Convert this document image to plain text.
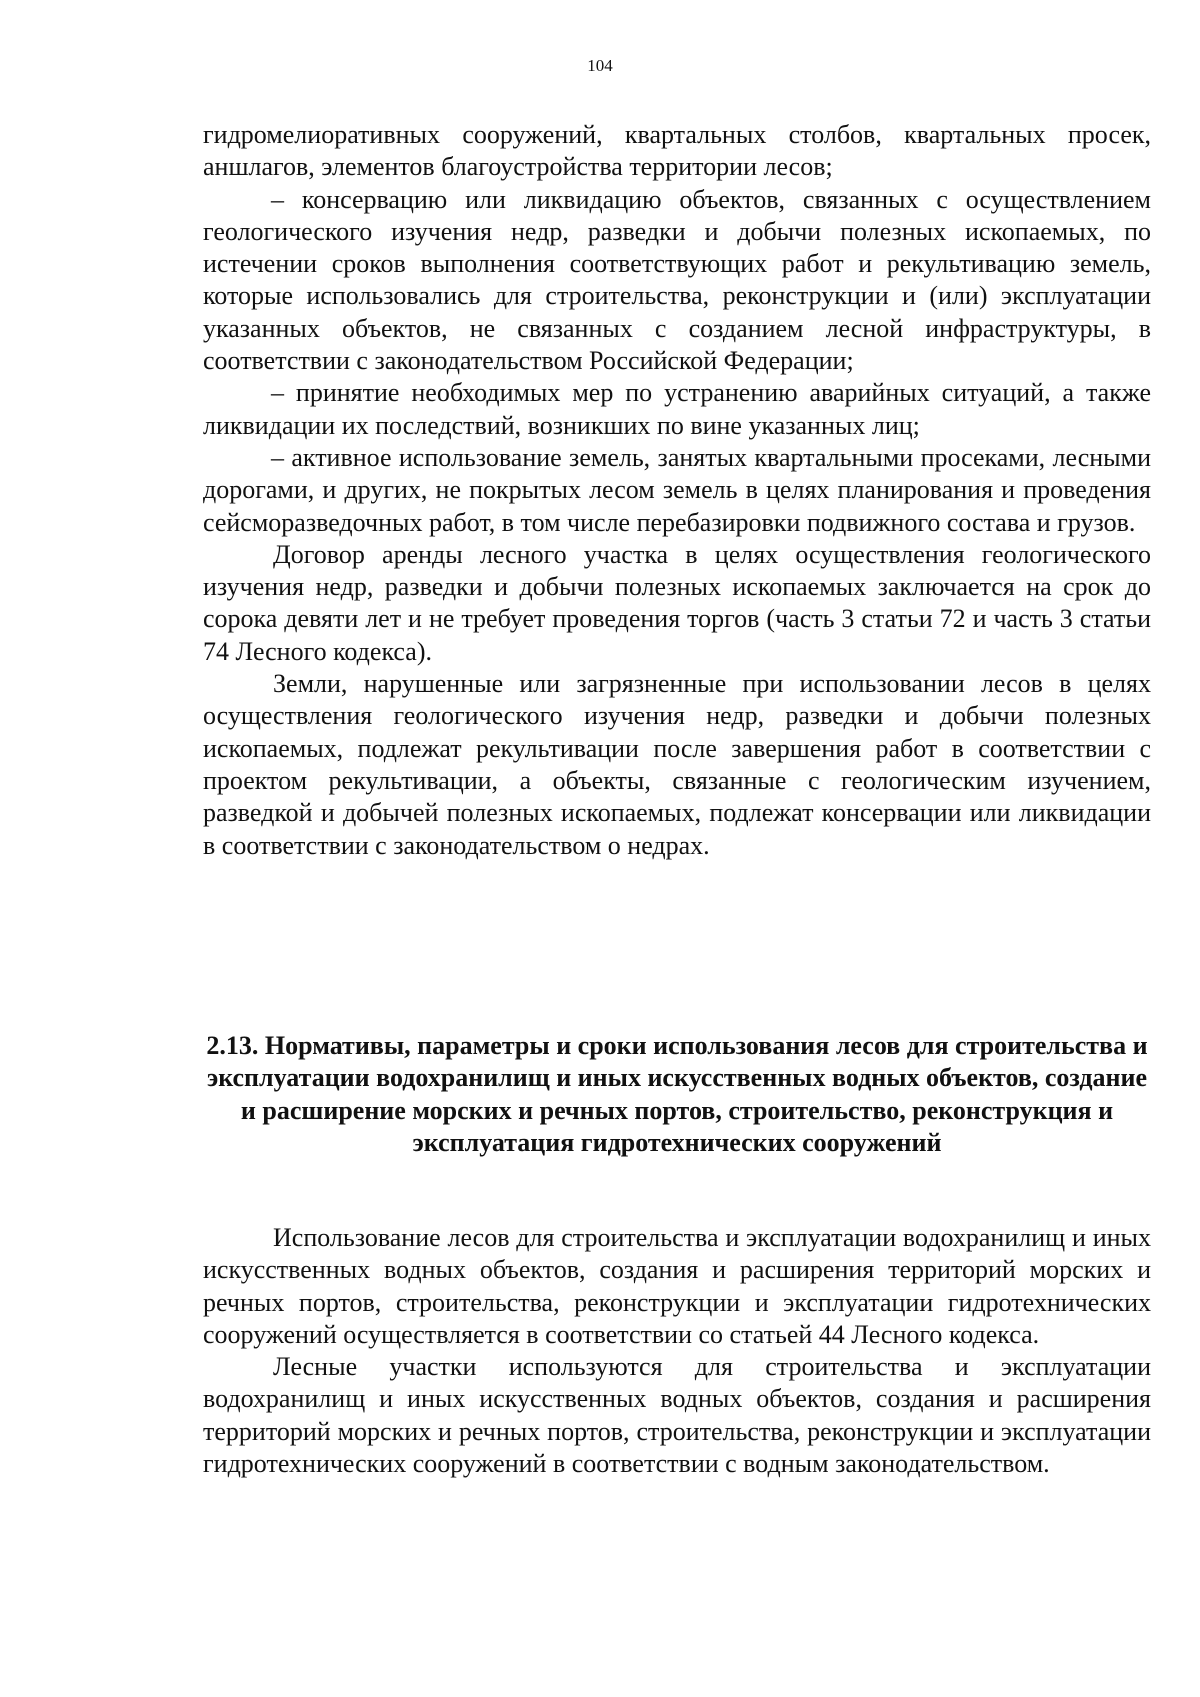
104

гидромелиоративных сооружений, квартальных столбов, квартальных просек, аншлагов, элементов благоустройства территории лесов;

– консервацию или ликвидацию объектов, связанных с осуществлением геологического изучения недр, разведки и добычи полезных ископаемых, по истечении сроков выполнения соответствующих работ и рекультивацию земель, которые использовались для строительства, реконструкции и (или) эксплуатации указанных объектов, не связанных с созданием лесной инфраструктуры, в соответствии с законодательством Российской Федерации;

– принятие необходимых мер по устранению аварийных ситуаций, а также ликвидации их последствий, возникших по вине указанных лиц;

– активное использование земель, занятых квартальными просеками, лесными дорогами, и других, не покрытых лесом земель в целях планирования и проведения сейсморазведочных работ, в том числе перебазировки подвижного состава и грузов.

Договор аренды лесного участка в целях осуществления геологического изучения недр, разведки и добычи полезных ископаемых заключается на срок до сорока девяти лет и не требует проведения торгов (часть 3 статьи 72 и часть 3 статьи 74 Лесного кодекса).

Земли, нарушенные или загрязненные при использовании лесов в целях осуществления геологического изучения недр, разведки и добычи полезных ископаемых, подлежат рекультивации после завершения работ в соответствии с проектом рекультивации, а объекты, связанные с геологическим изучением, разведкой и добычей полезных ископаемых, подлежат консервации или ликвидации в соответствии с законодательством о недрах.

2.13. Нормативы, параметры и сроки использования лесов для строительства и эксплуатации водохранилищ и иных искусственных водных объектов, создание и расширение морских и речных портов, строительство, реконструкция и эксплуатация гидротехнических сооружений

Использование лесов для строительства и эксплуатации водохранилищ и иных искусственных водных объектов, создания и расширения территорий морских и речных портов, строительства, реконструкции и эксплуатации гидротехнических сооружений осуществляется в соответствии со статьей 44 Лесного кодекса.

Лесные участки используются для строительства и эксплуатации водохранилищ и иных искусственных водных объектов, создания и расширения территорий морских и речных портов, строительства, реконструкции и эксплуатации гидротехнических сооружений в соответствии с водным законодательством.
